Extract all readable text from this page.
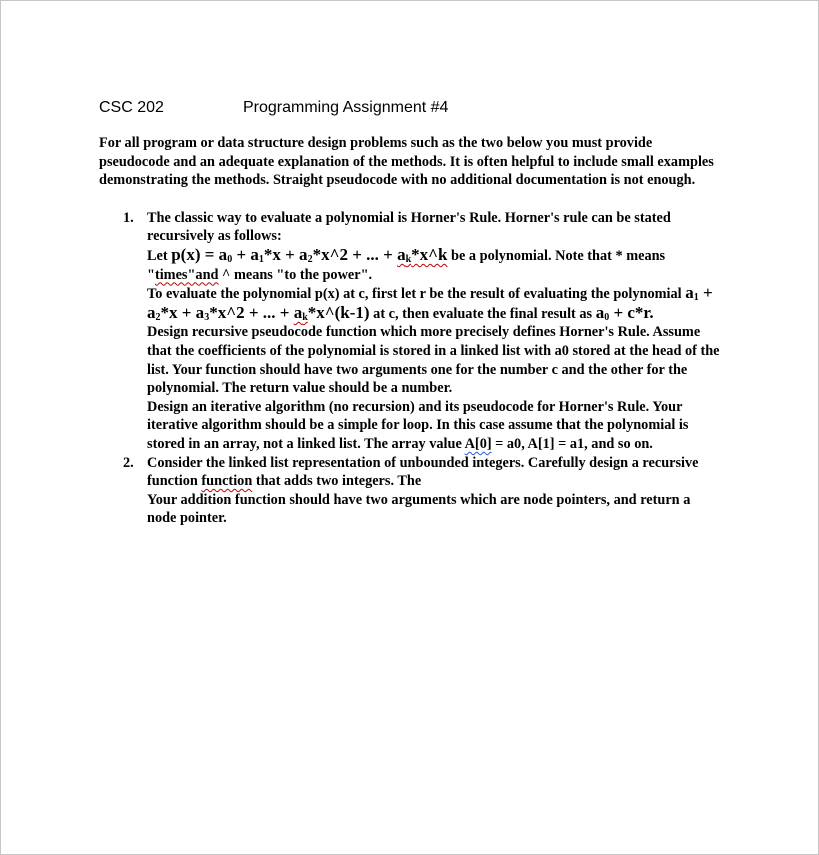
CSC 202	Programming Assignment #4

For all program or data structure design problems such as the two below you must provide pseudocode and an adequate explanation of the methods. It is often helpful to include small examples demonstrating the methods. Straight pseudocode with no additional documentation is not enough.

1. The classic way to evaluate a polynomial is Horner's Rule. Horner's rule can be stated recursively as follows:
Let $p(x) = a_0 + a_1*x$ + $a_2*x\^{}2$ + ... + $a_k*x\^{}k$ be a polynomial. Note that * means "times"and ^ means "to the power".

To evaluate the polynomial p(x) at c, first let r be the result of evaluating the polynomial $a_1 + a_2*x$ + $a_3*x\^{}2$ + ... + $a_k*x\^{}(k-1)$ at c, then evaluate the final result as $a_0 + c*r$.

Design recursive pseudocode function which more precisely defines Horner's Rule. Assume that the coefficients of the polynomial is stored in a linked list with a0 stored at the head of the list. Your function should have two arguments one for the number c and the other for the polynomial. The return value should be a number.

Design an iterative algorithm (no recursion) and its pseudocode for Horner's Rule. Your iterative algorithm should be a simple for loop. In this case assume that the polynomial is stored in an array, not a linked list. The array value A[0] = a0, A[1] = a1, and so on.

2. Consider the linked list representation of unbounded integers. Carefully design a recursive function function that adds two integers. The

Your addition function should have two arguments which are node pointers, and return a node pointer.
